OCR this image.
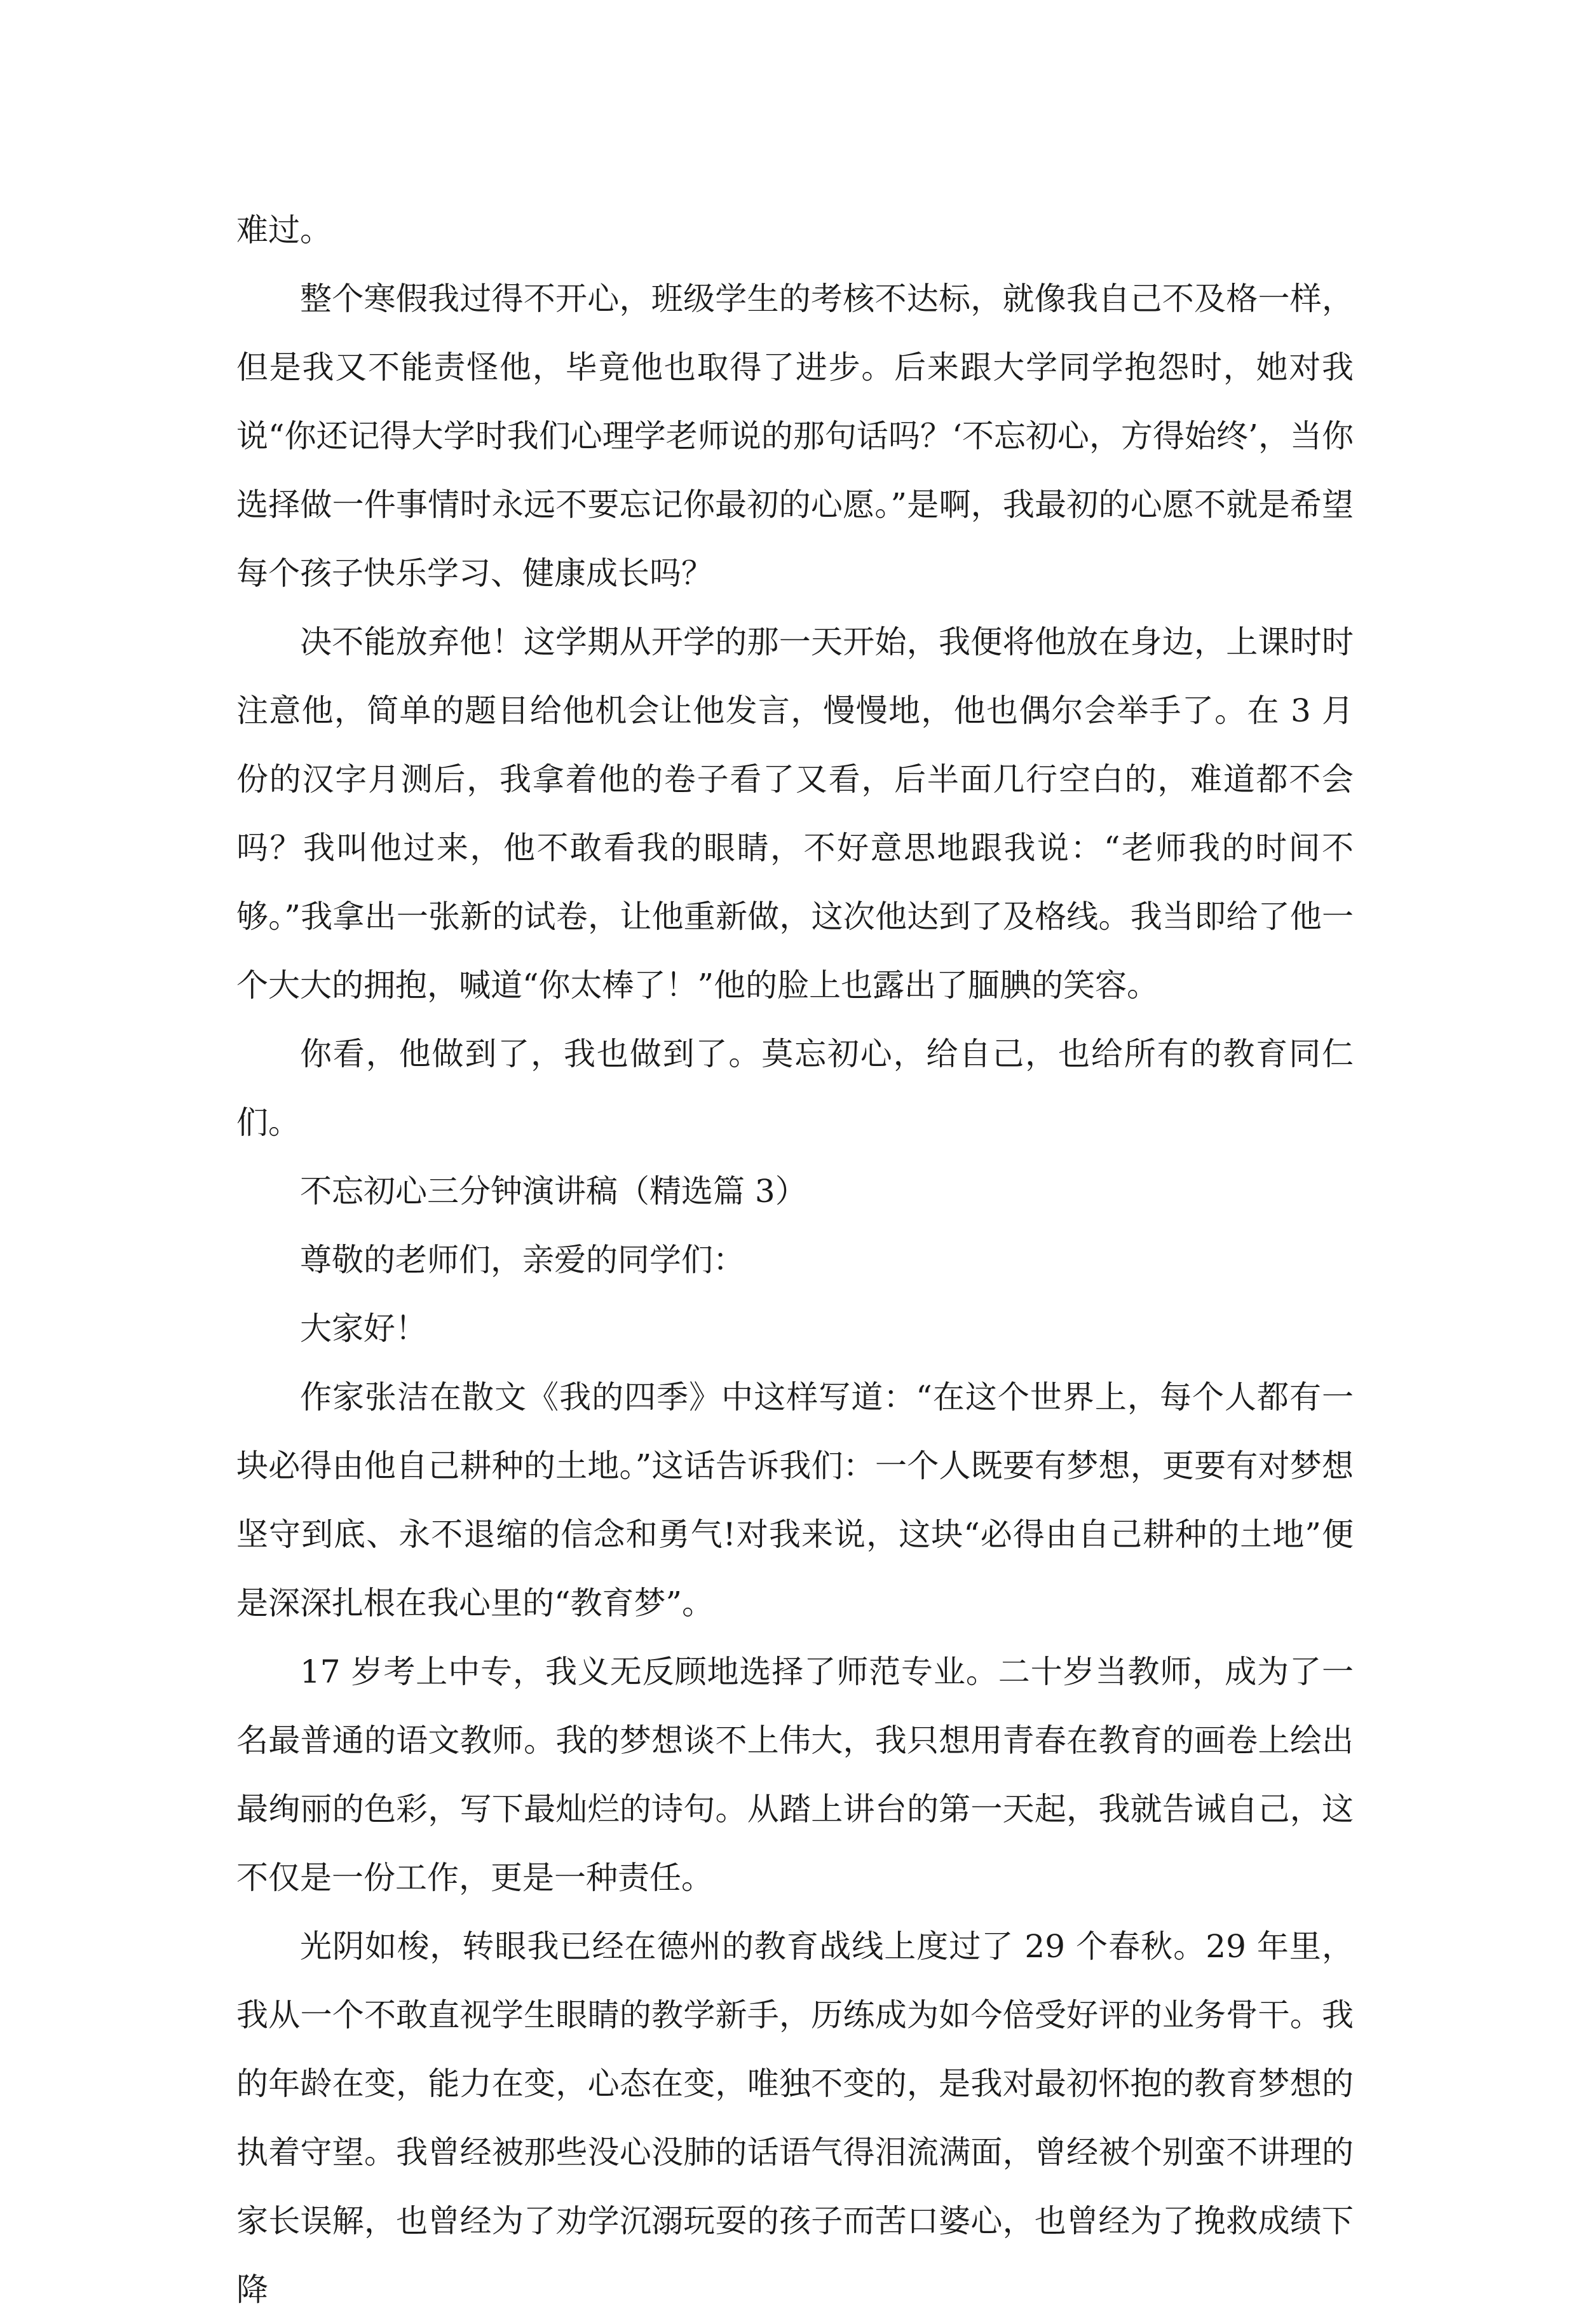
难过。

整个寒假我过得不开心，班级学生的考核不达标，就像我自己不及格一样，但是我又不能责怪他，毕竟他也取得了进步。后来跟大学同学抱怨时，她对我说“你还记得大学时我们心理学老师说的那句话吗？‘不忘初心，方得始终’，当你选择做一件事情时永远不要忘记你最初的心愿。”是啊，我最初的心愿不就是希望每个孩子快乐学习、健康成长吗？

决不能放弃他！这学期从开学的那一天开始，我便将他放在身边，上课时时注意他，简单的题目给他机会让他发言，慢慢地，他也偶尔会举手了。在 3 月份的汉字月测后，我拿着他的卷子看了又看，后半面几行空白的，难道都不会吗？我叫他过来，他不敢看我的眼睛，不好意思地跟我说：“老师我的时间不够。”我拿出一张新的试卷，让他重新做，这次他达到了及格线。我当即给了他一个大大的拥抱，喊道“你太棒了！”他的脸上也露出了腼腆的笑容。

你看，他做到了，我也做到了。莫忘初心，给自己，也给所有的教育同仁们。

不忘初心三分钟演讲稿（精选篇 3）

尊敬的老师们，亲爱的同学们：

大家好！

作家张洁在散文《我的四季》中这样写道：“在这个世界上，每个人都有一块必得由他自己耕种的土地。”这话告诉我们：一个人既要有梦想，更要有对梦想坚守到底、永不退缩的信念和勇气!对我来说，这块“必得由自己耕种的土地”便是深深扎根在我心里的“教育梦”。

17 岁考上中专，我义无反顾地选择了师范专业。二十岁当教师，成为了一名最普通的语文教师。我的梦想谈不上伟大，我只想用青春在教育的画卷上绘出最绚丽的色彩，写下最灿烂的诗句。从踏上讲台的第一天起，我就告诫自己，这不仅是一份工作，更是一种责任。

光阴如梭，转眼我已经在德州的教育战线上度过了 29 个春秋。29 年里，我从一个不敢直视学生眼睛的教学新手，历练成为如今倍受好评的业务骨干。我的年龄在变，能力在变，心态在变，唯独不变的，是我对最初怀抱的教育梦想的执着守望。我曾经被那些没心没肺的话语气得泪流满面，曾经被个别蛮不讲理的家长误解，也曾经为了劝学沉溺玩耍的孩子而苦口婆心，也曾经为了挽救成绩下降
